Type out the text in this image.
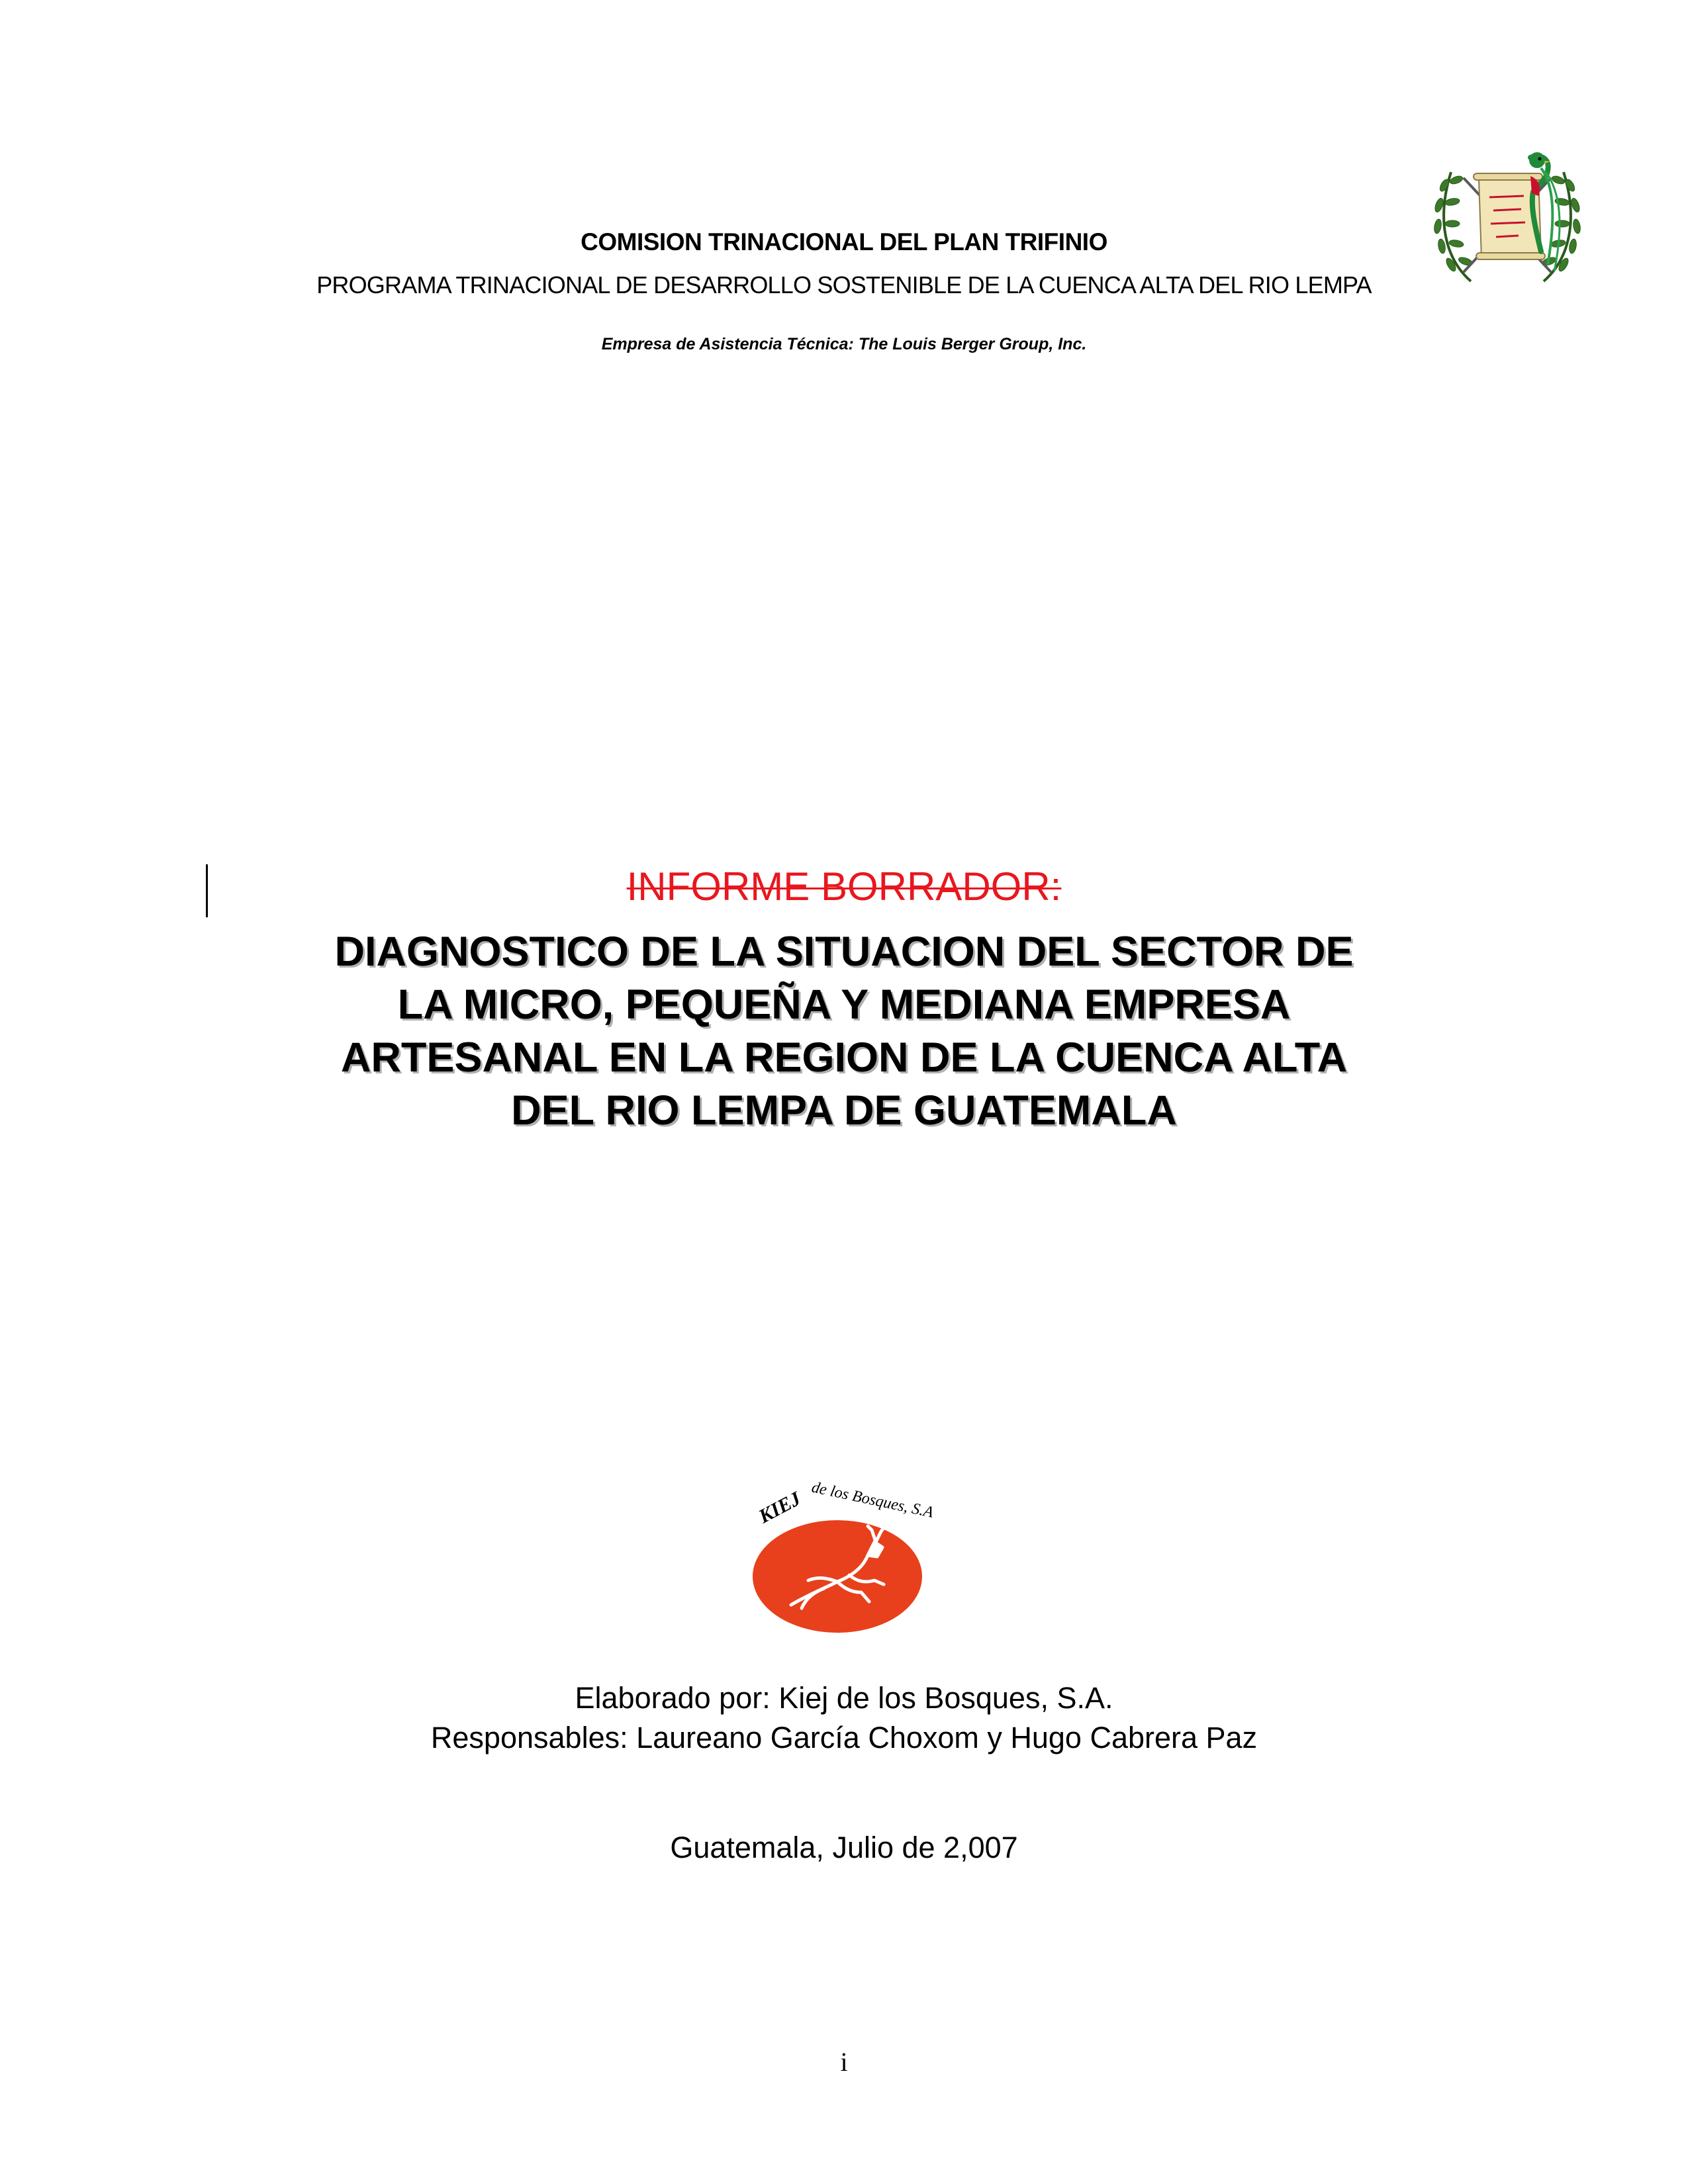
COMISION TRINACIONAL DEL PLAN TRIFINIO
PROGRAMA TRINACIONAL DE DESARROLLO SOSTENIBLE DE LA CUENCA ALTA DEL RIO LEMPA
Empresa de Asistencia Técnica: The Louis Berger Group, Inc.
INFORME BORRADOR:
DIAGNOSTICO DE LA SITUACION DEL SECTOR DE
LA MICRO, PEQUEÑA Y MEDIANA EMPRESA
ARTESANAL EN LA REGION DE LA CUENCA ALTA
DEL RIO LEMPA DE GUATEMALA
KIEJ de los Bosques, S.A
Elaborado por: Kiej de los Bosques, S.A.
Responsables: Laureano García Choxom y Hugo Cabrera Paz
Guatemala, Julio de 2,007
i
